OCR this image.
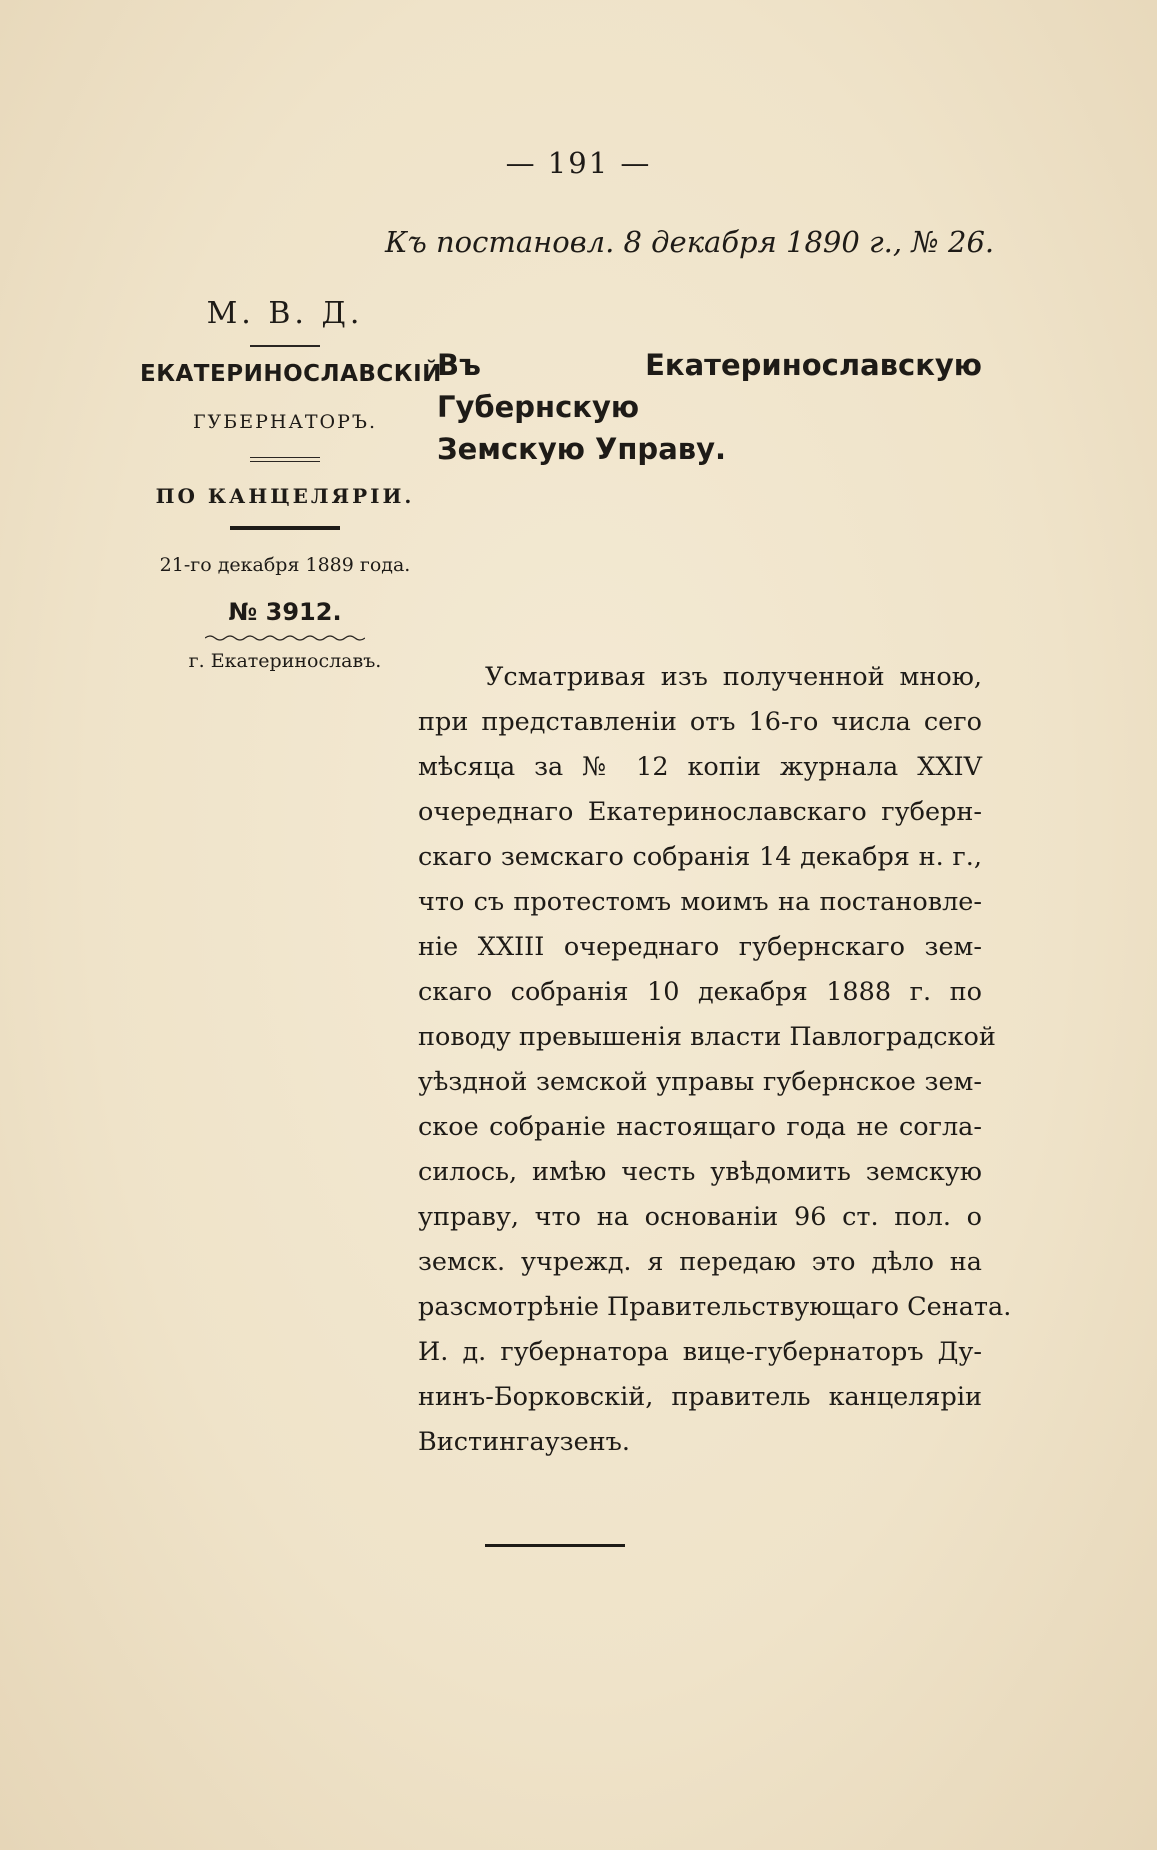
— 191 —
Къ постановл. 8 декабря 1890 г., № 26.
М. В. Д.
ЕКАТЕРИНОСЛАВСКІЙ
ГУБЕРНАТОРЪ.
ПО КАНЦЕЛЯРІИ.
21-го декабря 1889 года.
№ 3912.
г. Екатеринославъ.
Въ Екатеринославскую Губернскую
Земскую Управу.
Усматривая изъ полученной мною,
при представленіи отъ 16-го числа сего
мѣсяца за № 12 копіи журнала XXIV
очереднаго Екатеринославскаго губерн-
скаго земскаго собранія 14 декабря н. г.,
что съ протестомъ моимъ на постановле-
ніе XXIII очереднаго губернскаго зем-
скаго собранія 10 декабря 1888 г. по
поводу превышенія власти Павлоградской
уѣздной земской управы губернское зем-
ское собраніе настоящаго года не согла-
силось, имѣю честь увѣдомить земскую
управу, что на основаніи 96 ст. пол. о
земск. учрежд. я передаю это дѣло на
разсмотрѣніе Правительствующаго Сената.
И. д. губернатора вице-губернаторъ Ду-
нинъ-Борковскій, правитель канцеляріи
Вистингаузенъ.
